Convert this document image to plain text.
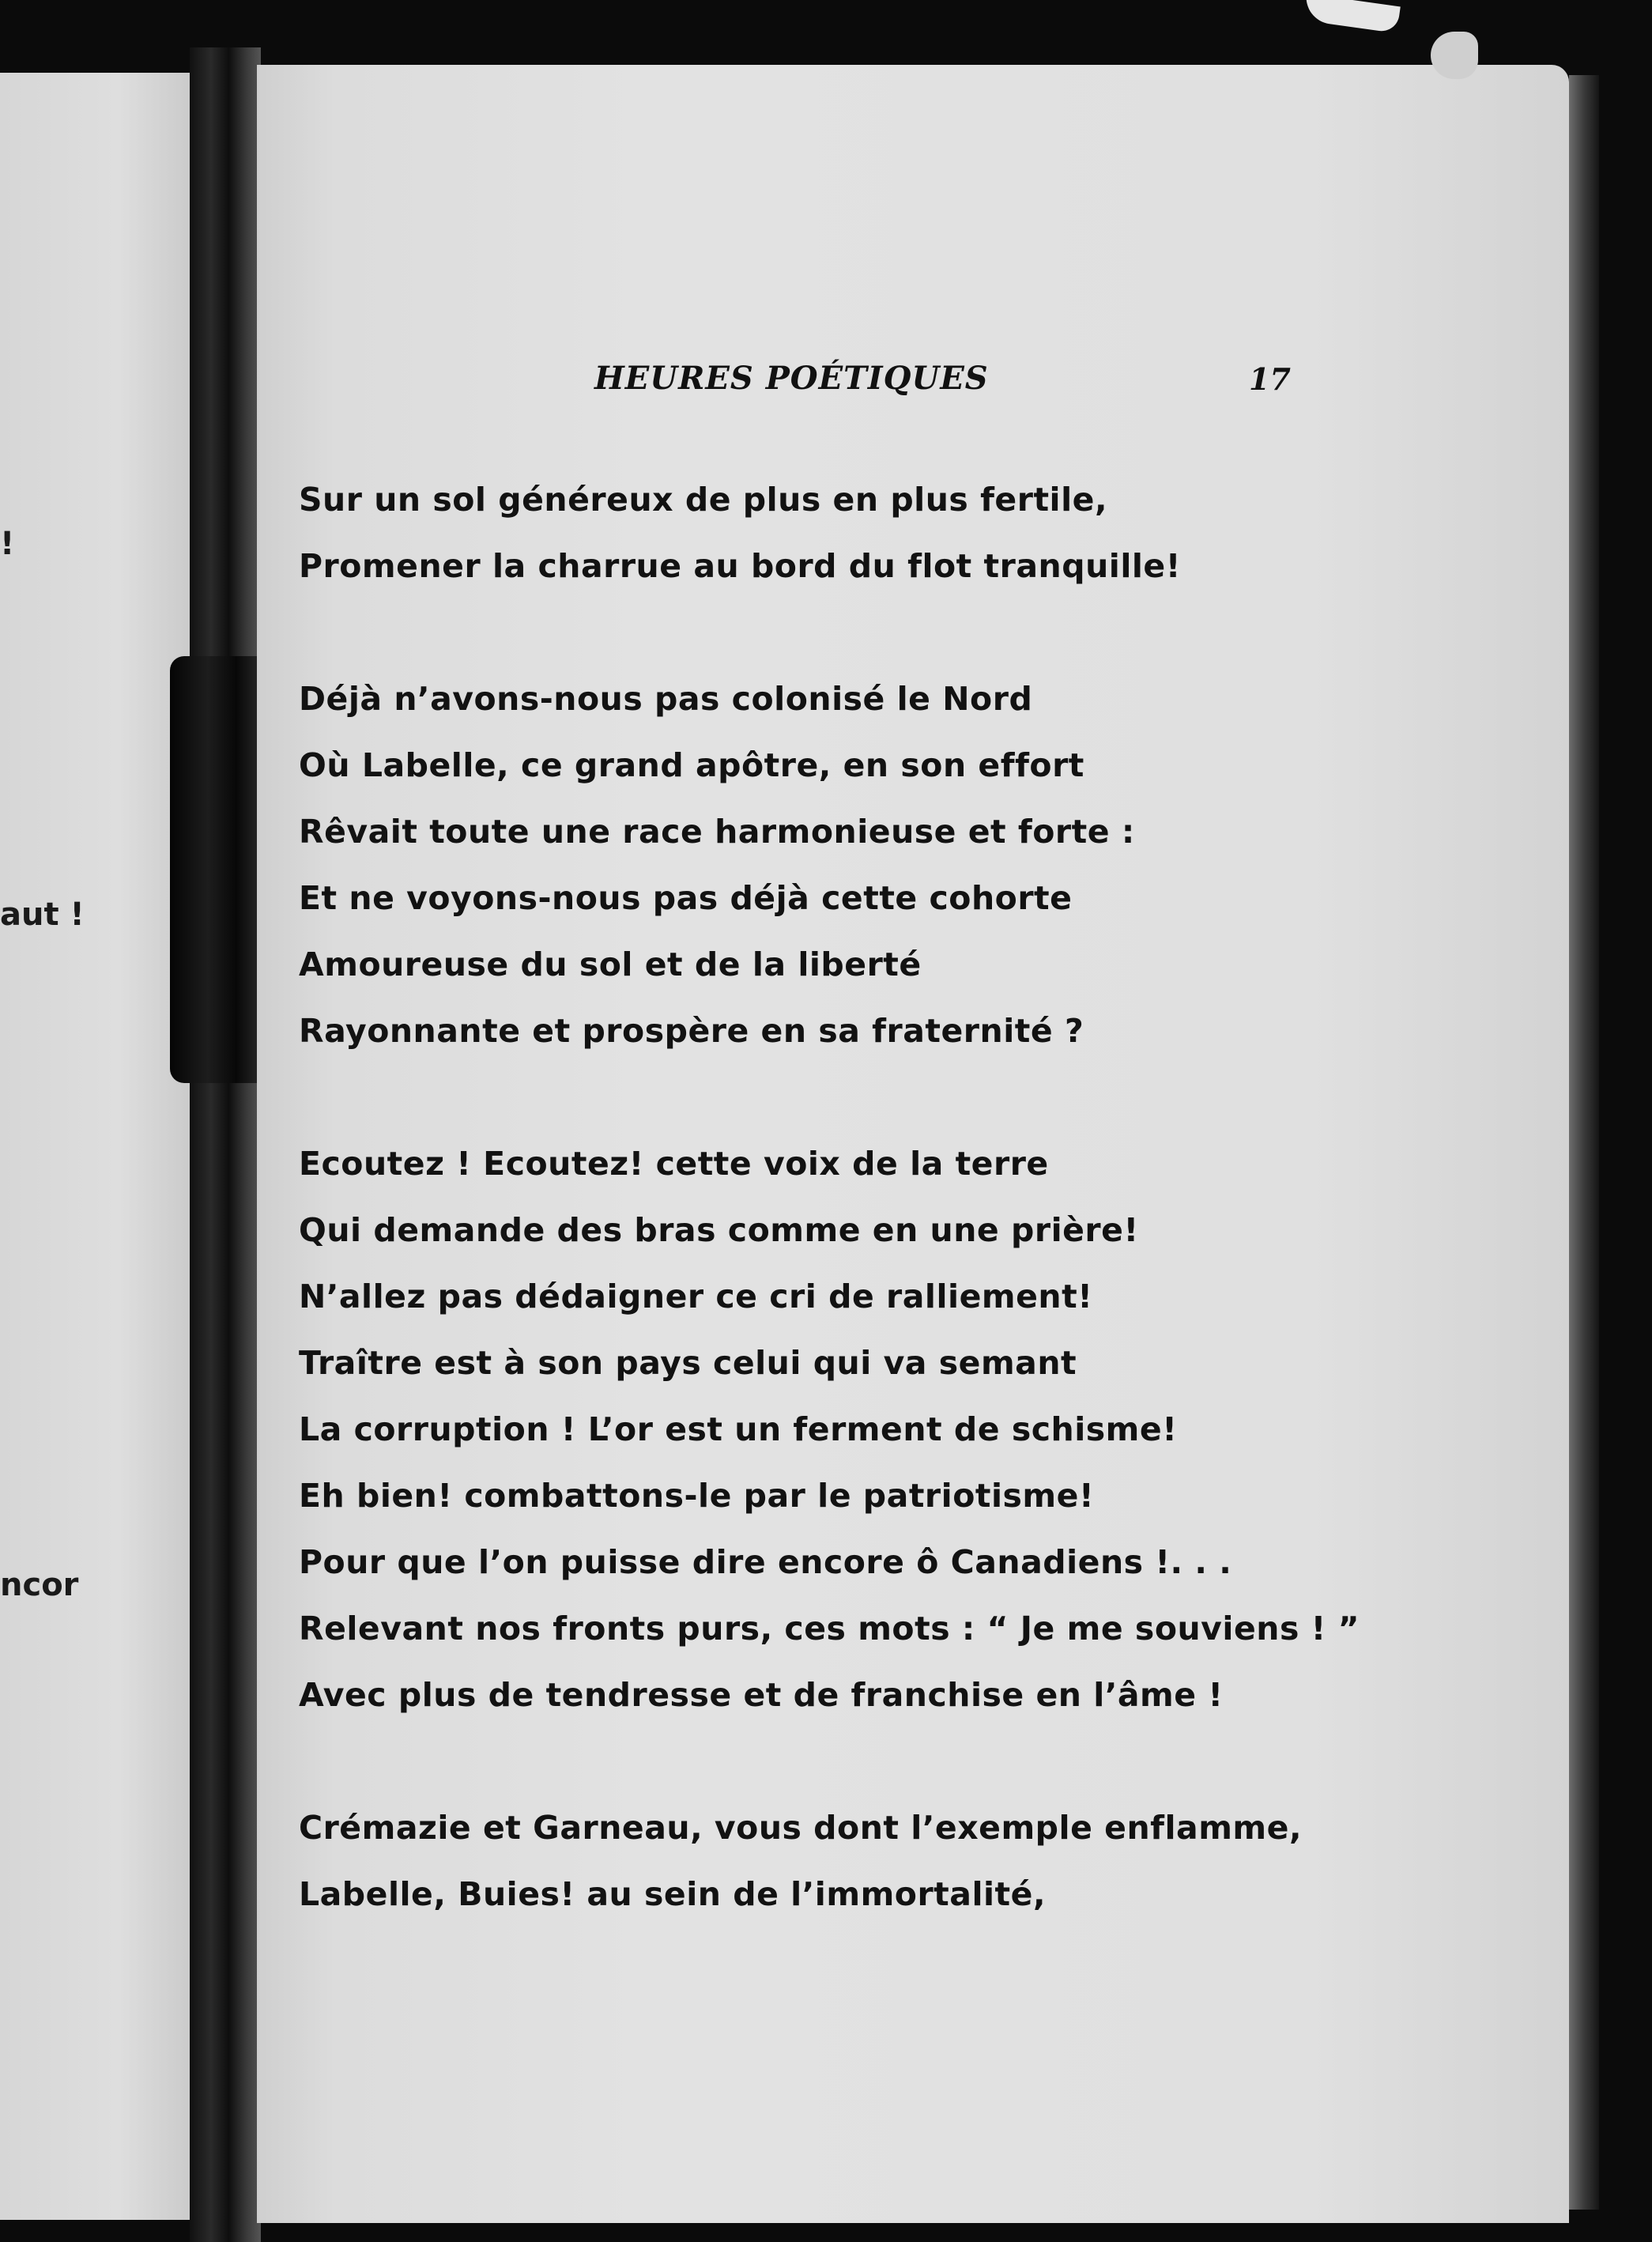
!
aut !
ncor
HEURES POÉTIQUES	17
Sur un sol généreux de plus en plus fertile,
Promener la charrue au bord du flot tranquille!
Déjà n’avons-nous pas colonisé le Nord
Où Labelle, ce grand apôtre, en son effort
Rêvait toute une race harmonieuse et forte :
Et ne voyons-nous pas déjà cette cohorte
Amoureuse du sol et de la liberté
Rayonnante et prospère en sa fraternité ?
Ecoutez ! Ecoutez! cette voix de la terre
Qui demande des bras comme en une prière!
N’allez pas dédaigner ce cri de ralliement!
Traître est à son pays celui qui va semant
La corruption ! L’or est un ferment de schisme!
Eh bien! combattons-le par le patriotisme!
Pour que l’on puisse dire encore ô Canadiens !. . .
Relevant nos fronts purs, ces mots : “ Je me souviens ! ”
Avec plus de tendresse et de franchise en l’âme !
Crémazie et Garneau, vous dont l’exemple enflamme,
Labelle, Buies! au sein de l’immortalité,
